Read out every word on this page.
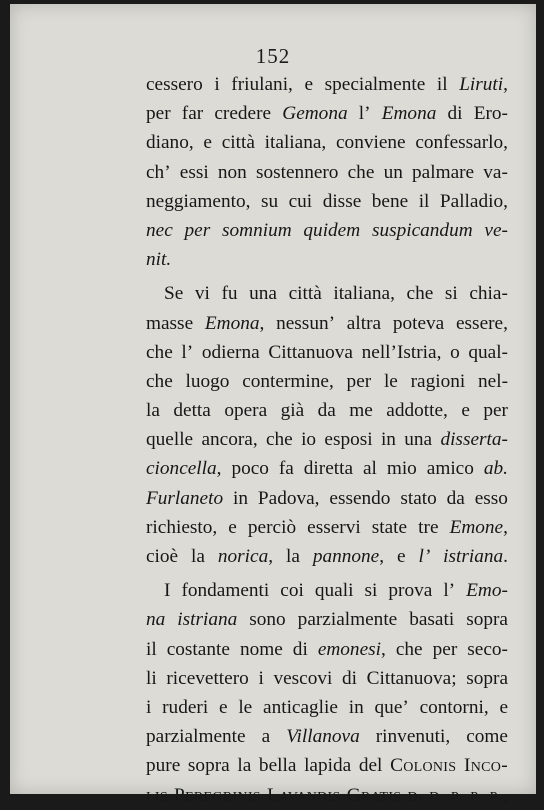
152
cessero i friulani, e specialmente il Liruti,
per far credere Gemona l’ Emona di Ero-
diano, e città italiana, conviene confessarlo,
ch’ essi non sostennero che un palmare va-
neggiamento, su cui disse bene il Palladio,
nec per somnium quidem suspicandum ve-
nit.
Se vi fu una città italiana, che si chia-
masse Emona, nessun’ altra poteva essere,
che l’ odierna Cittanuova nell’Istria, o qual-
che luogo contermine, per le ragioni nel-
la detta opera già da me addotte, e per
quelle ancora, che io esposi in una disserta-
cioncella, poco fa diretta al mio amico ab.
Furlaneto in Padova, essendo stato da esso
richiesto, e perciò esservi state tre Emone,
cioè la norica, la pannone, e l’ istriana.
I fondamenti coi quali si prova l’ Emo-
na istriana sono parzialmente basati sopra
il costante nome di emonesi, che per seco-
li ricevettero i vescovi di Cittanuova; sopra
i ruderi e le anticaglie in que’ contorni, e
parzialmente a Villanova rinvenuti, come
pure sopra la bella lapida del Colonis Inco-
lis Peregrinis Lavandis Gratis d. d. p. p. p.,
